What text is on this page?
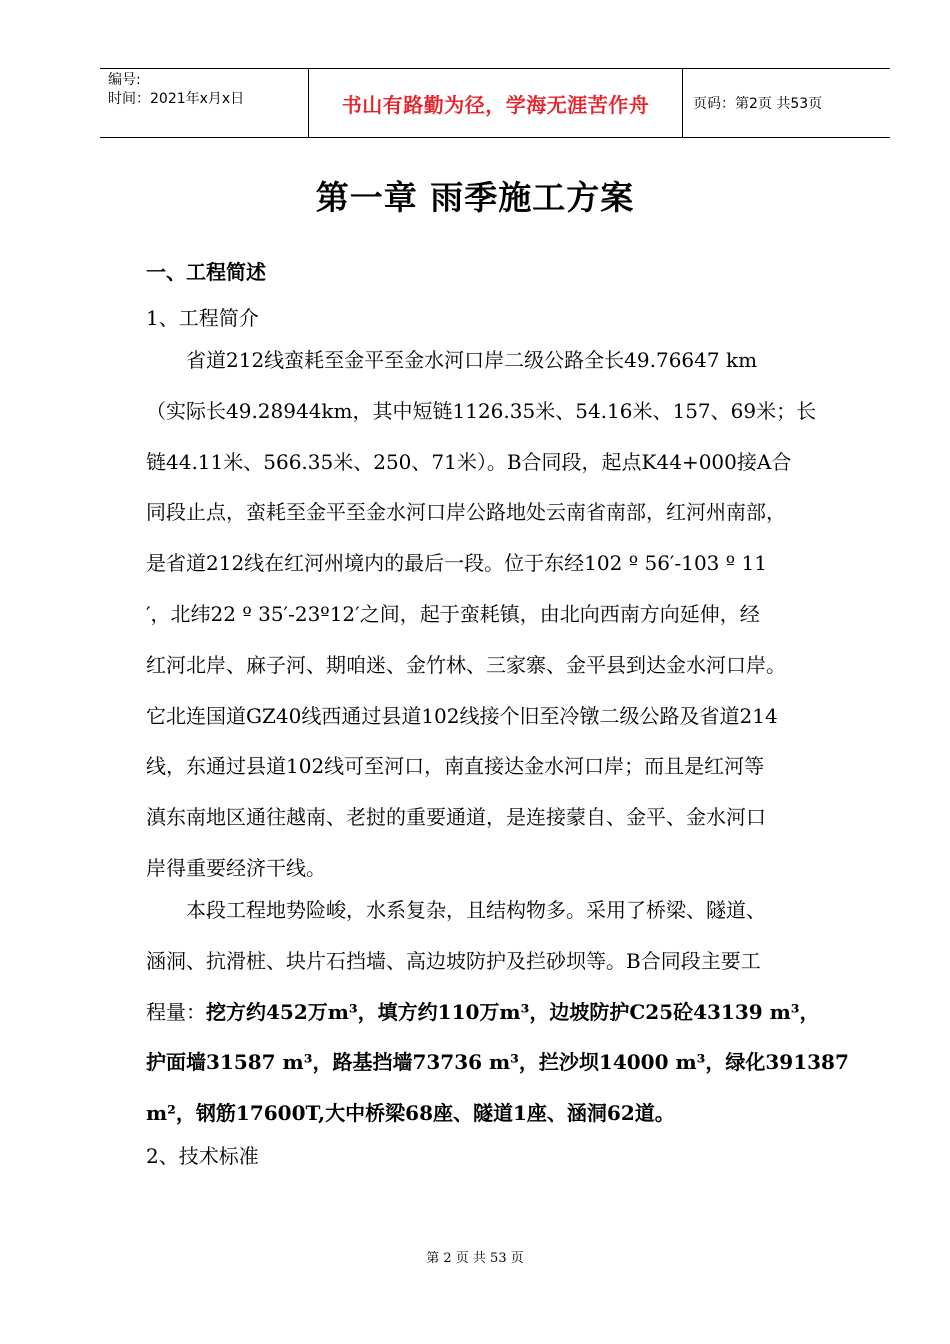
编号:
时间：2021年x月x日	书山有路勤为径，学海无涯苦作舟	页码：第2页 共53页
第一章 雨季施工方案
一、工程简述
1、工程简介
　　省道212线蛮耗至金平至金水河口岸二级公路全长49.76647 km
（实际长49.28944km，其中短链1126.35米、54.16米、157、69米；长
链44.11米、566.35米、250、71米）。B合同段，起点K44+000接A合
同段止点，蛮耗至金平至金水河口岸公路地处云南省南部，红河州南部，
是省道212线在红河州境内的最后一段。位于东经102 º 56′-103 º 11
′，北纬22 º 35′-23º12′之间，起于蛮耗镇，由北向西南方向延伸，经
红河北岸、麻子河、期咱迷、金竹林、三家寨、金平县到达金水河口岸。
它北连国道GZ40线西通过县道102线接个旧至冷镦二级公路及省道214
线，东通过县道102线可至河口，南直接达金水河口岸；而且是红河等
滇东南地区通往越南、老挝的重要通道，是连接蒙自、金平、金水河口
岸得重要经济干线。
　　本段工程地势险峻，水系复杂，且结构物多。采用了桥梁、隧道、
涵洞、抗滑桩、块片石挡墙、高边坡防护及拦砂坝等。B合同段主要工
程量：挖方约452万m³，填方约110万m³，边坡防护C25砼43139 m³，
护面墙31587 m³，路基挡墙73736 m³，拦沙坝14000 m³，绿化391387
m²，钢筋17600T,大中桥梁68座、隧道1座、涵洞62道。
2、技术标准
第 2 页 共 53 页
